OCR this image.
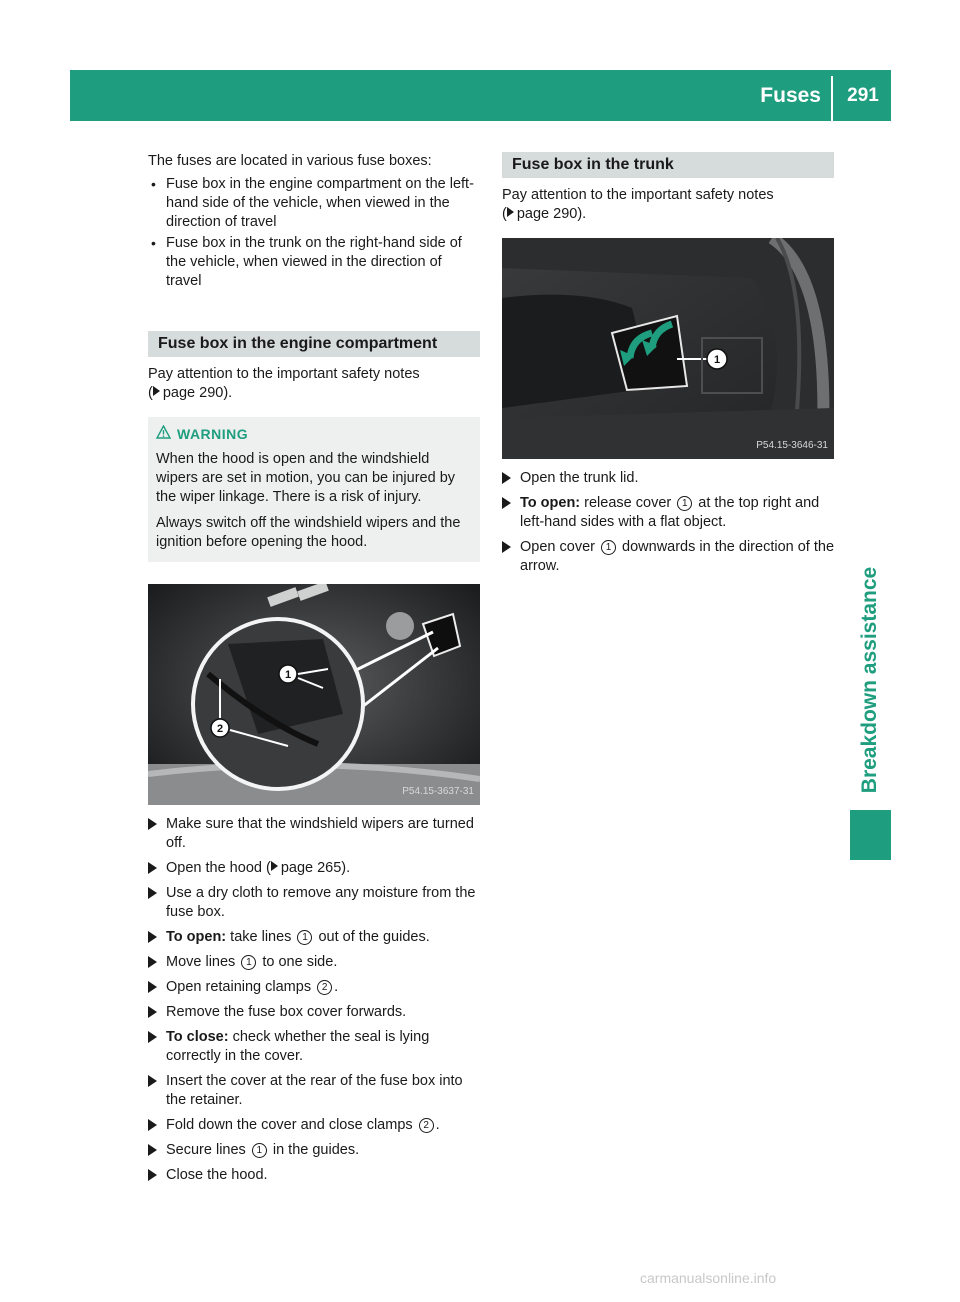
Fuses	291
Breakdown assistance

The fuses are located in various fuse boxes:

• Fuse box in the engine compartment on the left-hand side of the vehicle, when viewed in the direction of travel
• Fuse box in the trunk on the right-hand side of the vehicle, when viewed in the direction of travel
Fuse box in the engine compartment

Pay attention to the important safety notes
( page 290).

WARNING

When the hood is open and the windshield wipers are set in motion, you can be injured by the wiper linkage. There is a risk of injury.

Always switch off the windshield wipers and the ignition before opening the hood.

1
2
P54.15-3637-31
Make sure that the windshield wipers are turned off.
Open the hood ( page 265).
Use a dry cloth to remove any moisture from the fuse box.
To open: take lines 1 out of the guides.
Move lines 1 to one side.
Open retaining clamps 2 .
Remove the fuse box cover forwards.
To close: check whether the seal is lying correctly in the cover.
Insert the cover at the rear of the fuse box into the retainer.
Fold down the cover and close clamps 2 .
Secure lines 1 in the guides.
Close the hood.
Fuse box in the trunk

Pay attention to the important safety notes
( page 290).

1
P54.15-3646-31
Open the trunk lid.
To open: release cover 1 at the top right and left-hand sides with a flat object.
Open cover 1 downwards in the direction of the arrow.
carmanualsonline.info
